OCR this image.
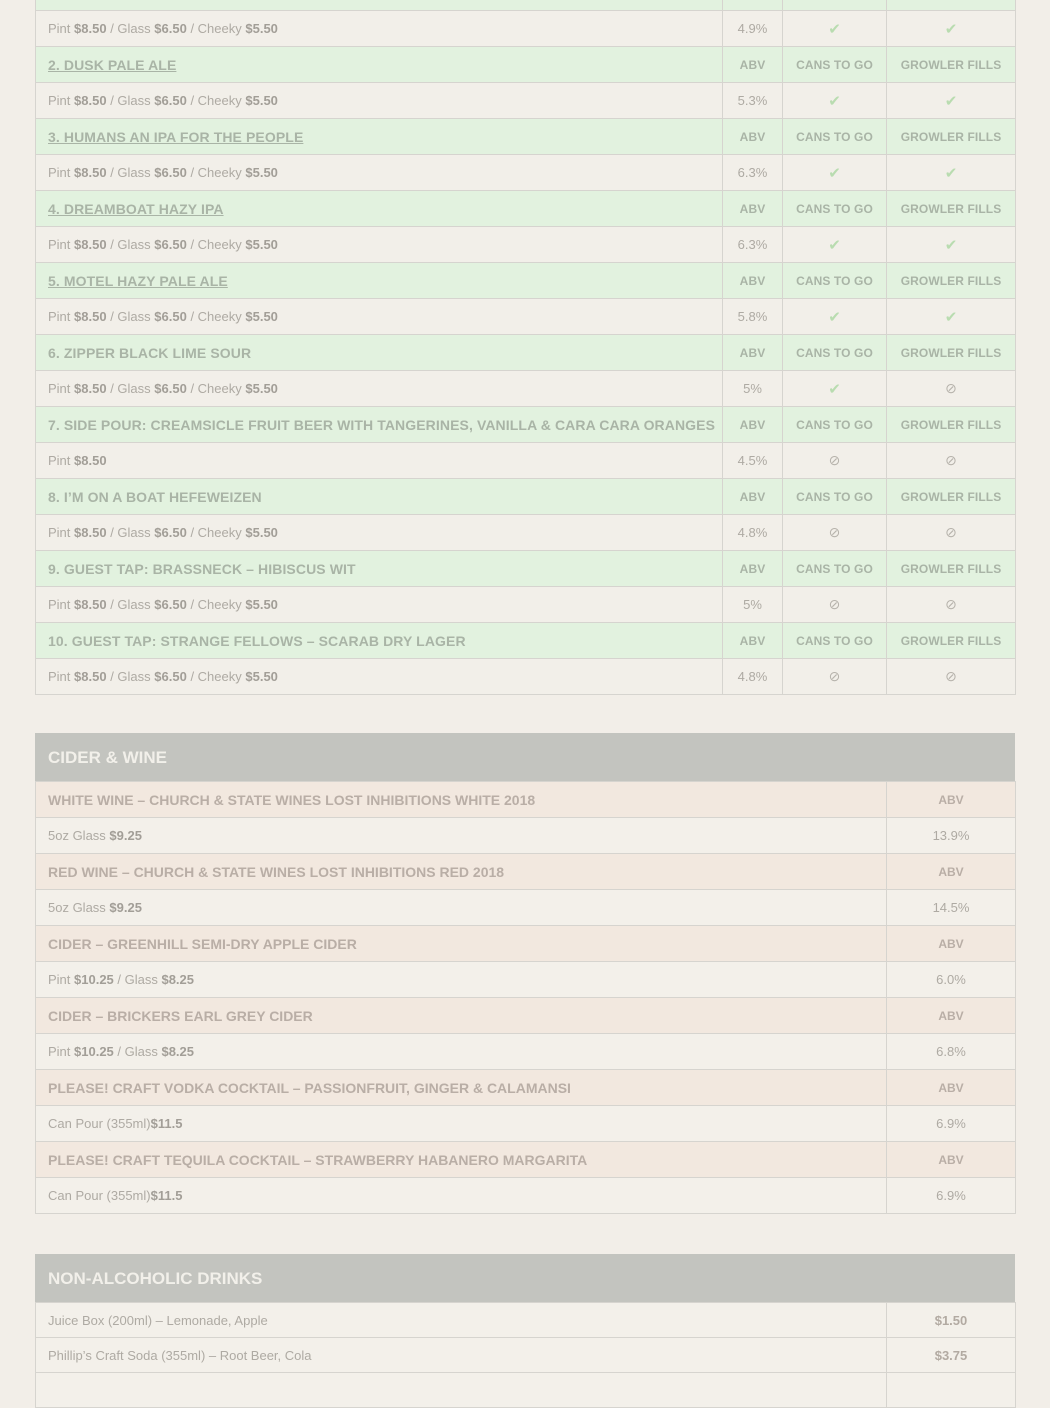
Pint $8.50 / Glass $6.50 / Cheeky $5.50	4.9%	✔	✔
2. DUSK PALE ALE	ABV	CANS TO GO	GROWLER FILLS
Pint $8.50 / Glass $6.50 / Cheeky $5.50	5.3%	✔	✔
3. HUMANS AN IPA FOR THE PEOPLE	ABV	CANS TO GO	GROWLER FILLS
Pint $8.50 / Glass $6.50 / Cheeky $5.50	6.3%	✔	✔
4. DREAMBOAT HAZY IPA	ABV	CANS TO GO	GROWLER FILLS
Pint $8.50 / Glass $6.50 / Cheeky $5.50	6.3%	✔	✔
5. MOTEL HAZY PALE ALE	ABV	CANS TO GO	GROWLER FILLS
Pint $8.50 / Glass $6.50 / Cheeky $5.50	5.8%	✔	✔
6. ZIPPER BLACK LIME SOUR	ABV	CANS TO GO	GROWLER FILLS
Pint $8.50 / Glass $6.50 / Cheeky $5.50	5%	✔	⊘
7. SIDE POUR: CREAMSICLE FRUIT BEER WITH TANGERINES, VANILLA & CARA CARA ORANGES	ABV	CANS TO GO	GROWLER FILLS
Pint $8.50	4.5%	⊘	⊘
8. I’M ON A BOAT HEFEWEIZEN	ABV	CANS TO GO	GROWLER FILLS
Pint $8.50 / Glass $6.50 / Cheeky $5.50	4.8%	⊘	⊘
9. GUEST TAP: BRASSNECK – HIBISCUS WIT	ABV	CANS TO GO	GROWLER FILLS
Pint $8.50 / Glass $6.50 / Cheeky $5.50	5%	⊘	⊘
10. GUEST TAP: STRANGE FELLOWS – SCARAB DRY LAGER	ABV	CANS TO GO	GROWLER FILLS
Pint $8.50 / Glass $6.50 / Cheeky $5.50	4.8%	⊘	⊘
CIDER & WINE
WHITE WINE – CHURCH & STATE WINES LOST INHIBITIONS WHITE 2018	ABV
5oz Glass $9.25	13.9%
RED WINE – CHURCH & STATE WINES LOST INHIBITIONS RED 2018	ABV
5oz Glass $9.25	14.5%
CIDER – GREENHILL SEMI-DRY APPLE CIDER	ABV
Pint $10.25 / Glass $8.25	6.0%
CIDER – BRICKERS EARL GREY CIDER	ABV
Pint $10.25 / Glass $8.25	6.8%
PLEASE! CRAFT VODKA COCKTAIL – PASSIONFRUIT, GINGER & CALAMANSI	ABV
Can Pour (355ml)$11.5	6.9%
PLEASE! CRAFT TEQUILA COCKTAIL – STRAWBERRY HABANERO MARGARITA	ABV
Can Pour (355ml)$11.5	6.9%
NON-ALCOHOLIC DRINKS
Juice Box (200ml) – Lemonade, Apple	$1.50
Phillip’s Craft Soda (355ml) – Root Beer, Cola	$3.75
